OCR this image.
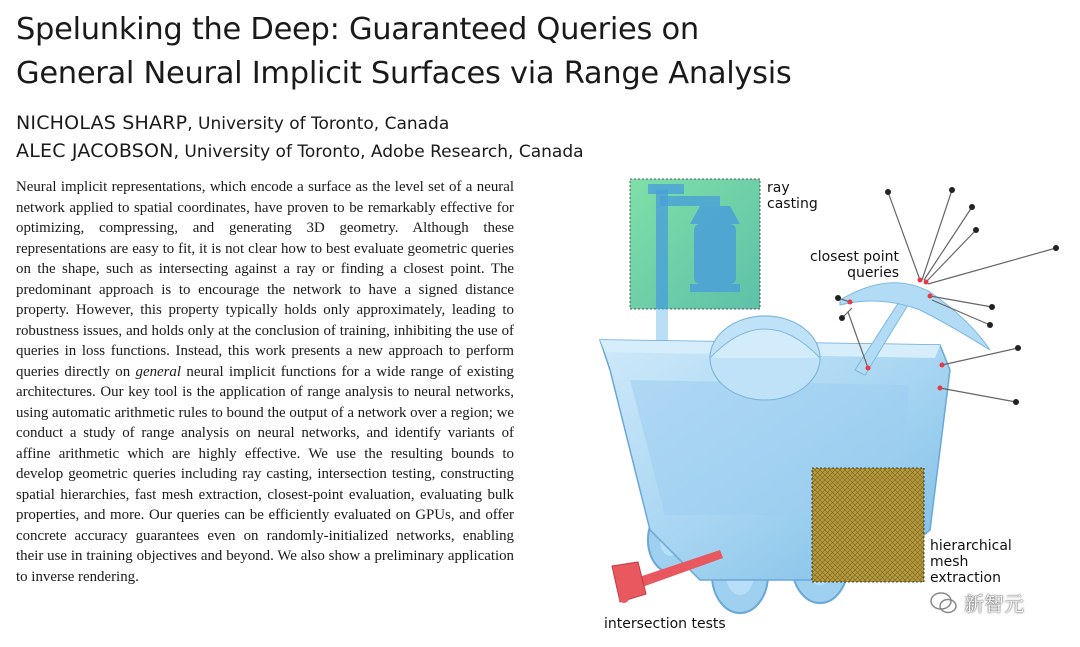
Spelunking the Deep: Guaranteed Queries on
General Neural Implicit Surfaces via Range Analysis
NICHOLAS SHARP, University of Toronto, Canada
ALEC JACOBSON, University of Toronto, Adobe Research, Canada

Neural implicit representations, which encode a surface as the level set of a neural network applied to spatial coordinates, have proven to be remarkably effective for optimizing, compressing, and generating 3D geometry. Although these representations are easy to fit, it is not clear how to best evaluate geometric queries on the shape, such as intersecting against a ray or finding a closest point. The predominant approach is to encourage the network to have a signed distance property. However, this property typically holds only approximately, leading to robustness issues, and holds only at the conclusion of training, inhibiting the use of queries in loss functions. Instead, this work presents a new approach to perform queries directly on general neural implicit functions for a wide range of existing architectures. Our key tool is the application of range analysis to neural networks, using automatic arithmetic rules to bound the output of a network over a region; we conduct a study of range analysis on neural networks, and identify variants of affine arithmetic which are highly effective. We use the resulting bounds to develop geometric queries including ray casting, intersection testing, constructing spatial hierarchies, fast mesh extraction, closest-point evaluation, evaluating bulk properties, and more. Our queries can be efficiently evaluated on GPUs, and offer concrete accuracy guarantees even on randomly-initialized networks, enabling their use in training objectives and beyond. We also show a preliminary application to inverse rendering.

ray
casting
closest point
queries
hierarchical
mesh
extraction
intersection tests
新智元
